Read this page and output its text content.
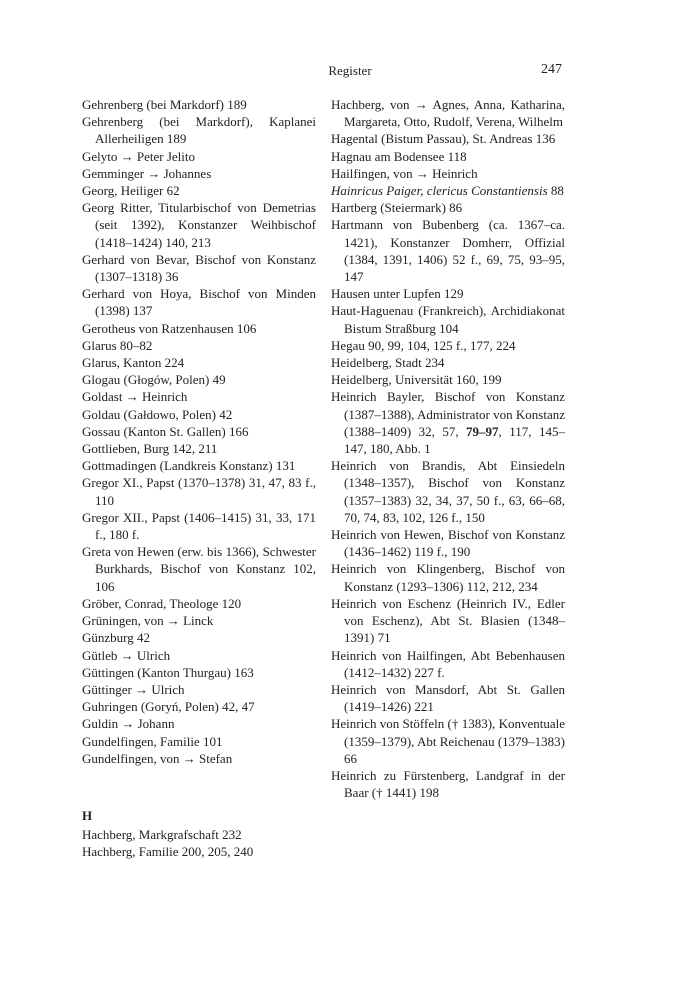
Register	247

Gehrenberg (bei Markdorf) 189

Gehrenberg (bei Markdorf), Kaplanei Allerheiligen 189

Gelyto → Peter Jelito

Gemminger → Johannes

Georg, Heiliger 62

Georg Ritter, Titularbischof von Demetrias (seit 1392), Konstanzer Weihbischof (1418–1424) 140, 213

Gerhard von Bevar, Bischof von Konstanz (1307–1318) 36

Gerhard von Hoya, Bischof von Minden (1398) 137

Gerotheus von Ratzenhausen 106

Glarus 80–82

Glarus, Kanton 224

Glogau (Głogów, Polen) 49

Goldast → Heinrich

Goldau (Gałdowo, Polen) 42

Gossau (Kanton St. Gallen) 166

Gottlieben, Burg 142, 211

Gottmadingen (Landkreis Konstanz) 131

Gregor XI., Papst (1370–1378) 31, 47, 83 f., 110

Gregor XII., Papst (1406–1415) 31, 33, 171 f., 180 f.

Greta von Hewen (erw. bis 1366), Schwester Burkhards, Bischof von Konstanz 102, 106

Gröber, Conrad, Theologe 120

Grüningen, von → Linck

Günzburg 42

Gütleb → Ulrich

Güttingen (Kanton Thurgau) 163

Güttinger → Ulrich

Guhringen (Goryń, Polen) 42, 47

Guldin → Johann

Gundelfingen, Familie 101

Gundelfingen, von → Stefan

H

Hachberg, Markgrafschaft 232

Hachberg, Familie 200, 205, 240

Hachberg, von → Agnes, Anna, Katharina, Margareta, Otto, Rudolf, Verena, Wilhelm

Hagental (Bistum Passau), St. Andreas 136

Hagnau am Bodensee 118

Hailfingen, von → Heinrich

Hainricus Paiger, clericus Constantiensis 88

Hartberg (Steiermark) 86

Hartmann von Bubenberg (ca. 1367–ca. 1421), Konstanzer Domherr, Offizial (1384, 1391, 1406) 52 f., 69, 75, 93–95, 147

Hausen unter Lupfen 129

Haut-Haguenau (Frankreich), Archidiakonat Bistum Straßburg 104

Hegau 90, 99, 104, 125 f., 177, 224

Heidelberg, Stadt 234

Heidelberg, Universität 160, 199

Heinrich Bayler, Bischof von Konstanz (1387–1388), Administrator von Konstanz (1388–1409) 32, 57, 79–97, 117, 145–147, 180, Abb. 1

Heinrich von Brandis, Abt Einsiedeln (1348–1357), Bischof von Konstanz (1357–1383) 32, 34, 37, 50 f., 63, 66–68, 70, 74, 83, 102, 126 f., 150

Heinrich von Hewen, Bischof von Konstanz (1436–1462) 119 f., 190

Heinrich von Klingenberg, Bischof von Konstanz (1293–1306) 112, 212, 234

Heinrich von Eschenz (Heinrich IV., Edler von Eschenz), Abt St. Blasien (1348–1391) 71

Heinrich von Hailfingen, Abt Bebenhausen (1412–1432) 227 f.

Heinrich von Mansdorf, Abt St. Gallen (1419–1426) 221

Heinrich von Stöffeln († 1383), Konventuale (1359–1379), Abt Reichenau (1379–1383) 66

Heinrich zu Fürstenberg, Landgraf in der Baar († 1441) 198
